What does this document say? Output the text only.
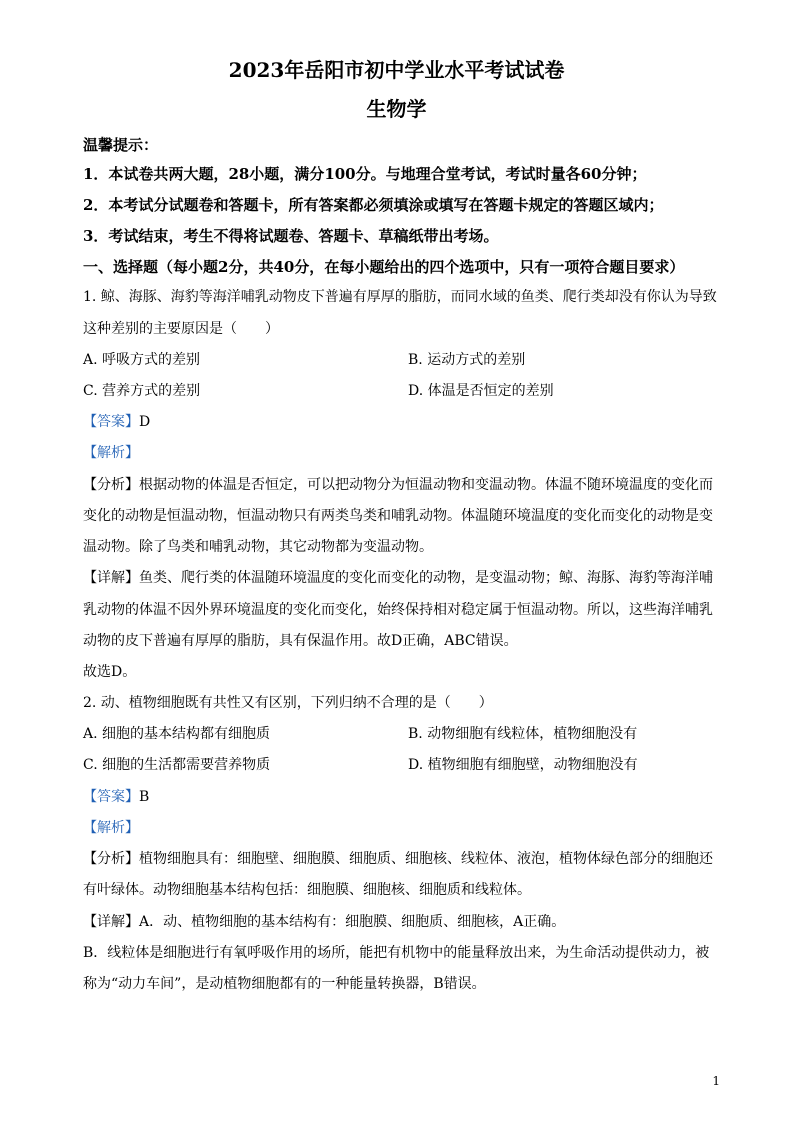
2023年岳阳市初中学业水平考试试卷
生物学
温馨提示：
1．本试卷共两大题，28小题，满分100分。与地理合堂考试，考试时量各60分钟；
2．本考试分试题卷和答题卡，所有答案都必须填涂或填写在答题卡规定的答题区域内；
3．考试结束，考生不得将试题卷、答题卡、草稿纸带出考场。
一、选择题（每小题2分，共40分，在每小题给出的四个选项中，只有一项符合题目要求）
1. 鲸、海豚、海豹等海洋哺乳动物皮下普遍有厚厚的脂肪，而同水域的鱼类、爬行类却没有你认为导致
这种差别的主要原因是（　　）
A. 呼吸方式的差别	B. 运动方式的差别
C. 营养方式的差别	D. 体温是否恒定的差别
【答案】D
【解析】
【分析】根据动物的体温是否恒定，可以把动物分为恒温动物和变温动物。体温不随环境温度的变化而
变化的动物是恒温动物，恒温动物只有两类鸟类和哺乳动物。体温随环境温度的变化而变化的动物是变
温动物。除了鸟类和哺乳动物，其它动物都为变温动物。
【详解】鱼类、爬行类的体温随环境温度的变化而变化的动物，是变温动物；鲸、海豚、海豹等海洋哺
乳动物的体温不因外界环境温度的变化而变化，始终保持相对稳定属于恒温动物。所以，这些海洋哺乳
动物的皮下普遍有厚厚的脂肪，具有保温作用。故D正确，ABC错误。
故选D。
2. 动、植物细胞既有共性又有区别，下列归纳不合理的是（　　）
A. 细胞的基本结构都有细胞质	B. 动物细胞有线粒体，植物细胞没有
C. 细胞的生活都需要营养物质	D. 植物细胞有细胞壁，动物细胞没有
【答案】B
【解析】
【分析】植物细胞具有：细胞壁、细胞膜、细胞质、细胞核、线粒体、液泡，植物体绿色部分的细胞还
有叶绿体。动物细胞基本结构包括：细胞膜、细胞核、细胞质和线粒体。
【详解】A．动、植物细胞的基本结构有：细胞膜、细胞质、细胞核，A正确。
B．线粒体是细胞进行有氧呼吸作用的场所，能把有机物中的能量释放出来，为生命活动提供动力，被
称为“动力车间”，是动植物细胞都有的一种能量转换器，B错误。
1
